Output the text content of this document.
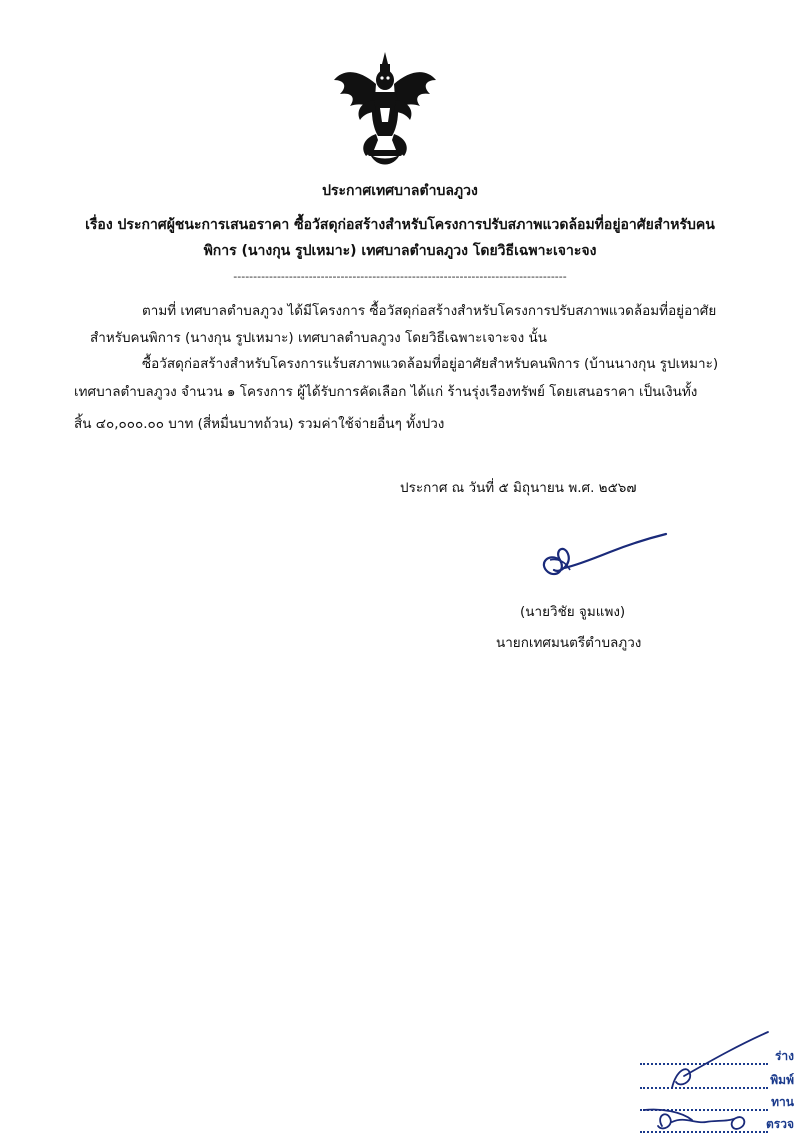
ประกาศเทศบาลตำบลภูวง
เรื่อง ประกาศผู้ชนะการเสนอราคา ซื้อวัสดุก่อสร้างสำหรับโครงการปรับสภาพแวดล้อมที่อยู่อาศัยสำหรับคน
พิการ (นางกุน รูปเหมาะ) เทศบาลตำบลภูวง โดยวิธีเฉพาะเจาะจง
------------------------------------------------------------------------------------
ตามที่ เทศบาลตำบลภูวง ได้มีโครงการ ซื้อวัสดุก่อสร้างสำหรับโครงการปรับสภาพแวดล้อมที่อยู่อาศัย
สำหรับคนพิการ (นางกุน รูปเหมาะ) เทศบาลตำบลภูวง โดยวิธีเฉพาะเจาะจง นั้น
ซื้อวัสดุก่อสร้างสำหรับโครงการแร้บสภาพแวดล้อมที่อยู่อาศัยสำหรับคนพิการ (บ้านนางกุน รูปเหมาะ)
เทศบาลตำบลภูวง จำนวน ๑ โครงการ ผู้ได้รับการคัดเลือก ได้แก่ ร้านรุ่งเรืองทรัพย์ โดยเสนอราคา เป็นเงินทั้ง
สิ้น ๔๐,๐๐๐.๐๐ บาท (สี่หมื่นบาทถ้วน) รวมค่าใช้จ่ายอื่นๆ ทั้งปวง
ประกาศ ณ วันที่ ๕ มิถุนายน พ.ศ. ๒๕๖๗
(นายวิชัย จูมแพง)
นายกเทศมนตรีตำบลภูวง
ร่าง
พิมพ์
ทาน
ตรวจ
